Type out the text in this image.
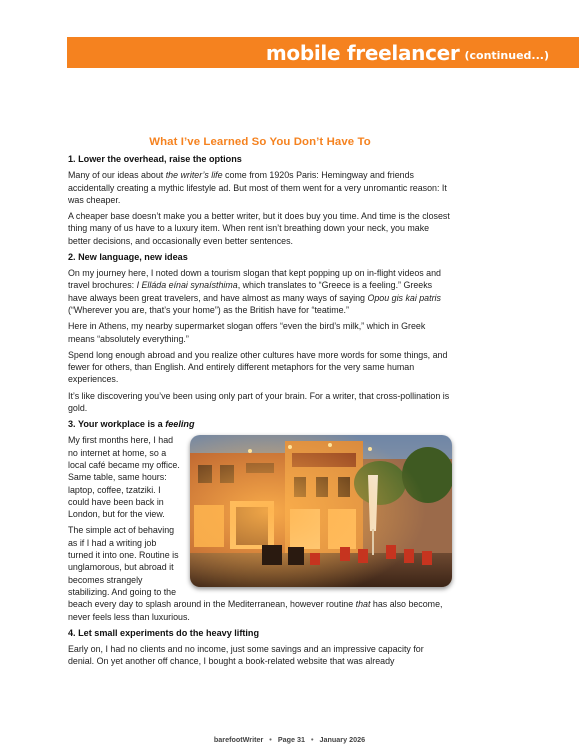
mobile freelancer (continued...)
What I’ve Learned So You Don’t Have To
1. Lower the overhead, raise the options

Many of our ideas about the writer’s life come from 1920s Paris: Hemingway and friends accidentally creating a mythic lifestyle ad. But most of them went for a very unromantic reason: It was cheaper.

A cheaper base doesn’t make you a better writer, but it does buy you time. And time is the closest thing many of us have to a luxury item. When rent isn’t breathing down your neck, you make better decisions, and occasionally even better sentences.

2. New language, new ideas

On my journey here, I noted down a tourism slogan that kept popping up on in-flight videos and travel brochures: I Elláda eínai synaísthima, which translates to “Greece is a feeling.” Greeks have always been great travelers, and have almost as many ways of saying Opou gis kai patris (“Wherever you are, that’s your home”) as the British have for “teatime.”

Here in Athens, my nearby supermarket slogan offers “even the bird’s milk,” which in Greek means “absolutely everything.”

Spend long enough abroad and you realize other cultures have more words for some things, and fewer for others, than English. And entirely different metaphors for the very same human experiences.

It’s like discovering you’ve been using only part of your brain. For a writer, that cross-pollination is gold.

3. Your workplace is a feeling

My first months here, I had no internet at home, so a local café became my office. Same table, same hours: laptop, coffee, tzatziki. I could have been back in London, but for the view.

The simple act of behaving as if I had a writing job turned it into one. Routine is unglamorous, but abroad it becomes strangely stabilizing. And going to the beach every day to splash around in the Mediterranean, however routine that has also become, never feels less than luxurious.

4. Let small experiments do the heavy lifting

Early on, I had no clients and no income, just some savings and an impressive capacity for denial. On yet another off chance, I bought a book-related website that was already

barefootWriter • Page 31 • January 2026
